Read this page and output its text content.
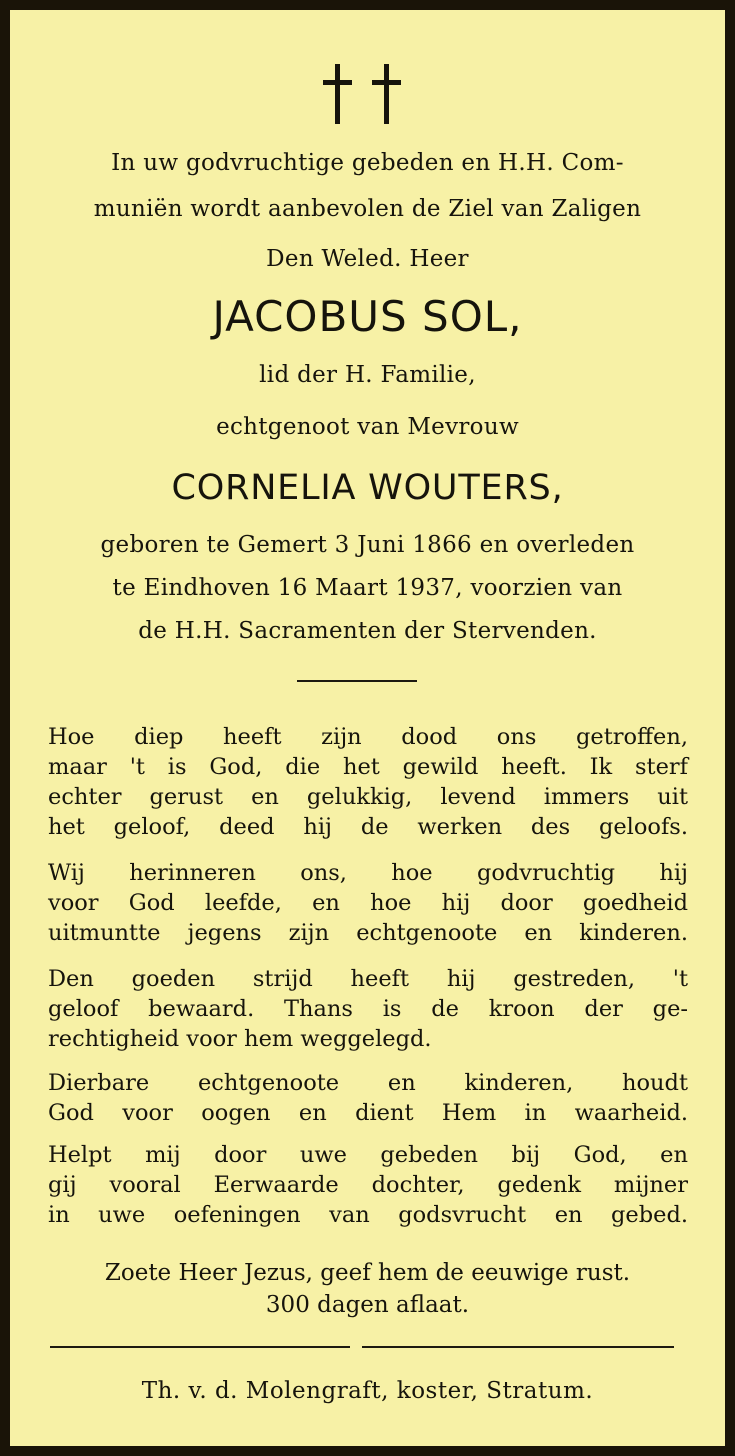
In uw godvruchtige gebeden en H.H. Com-
muniën wordt aanbevolen de Ziel van Zaligen
Den Weled. Heer
JACOBUS SOL,
lid der H. Familie,
echtgenoot van Mevrouw
CORNELIA WOUTERS,
geboren te Gemert 3 Juni 1866 en overleden
te Eindhoven 16 Maart 1937, voorzien van
de H.H. Sacramenten der Stervenden.
Hoe diep heeft zijn dood ons getroffen,
maar 't is God, die het gewild heeft. Ik sterf
echter gerust en gelukkig, levend immers uit
het geloof, deed hij de werken des geloofs.
Wij herinneren ons, hoe godvruchtig hij
voor God leefde, en hoe hij door goedheid
uitmuntte jegens zijn echtgenoote en kinderen.
Den goeden strijd heeft hij gestreden, 't
geloof bewaard. Thans is de kroon der ge-
rechtigheid voor hem weggelegd.
Dierbare echtgenoote en kinderen, houdt
God voor oogen en dient Hem in waarheid.
Helpt mij door uwe gebeden bij God, en
gij vooral Eerwaarde dochter, gedenk mijner
in uwe oefeningen van godsvrucht en gebed.
Zoete Heer Jezus, geef hem de eeuwige rust.
300 dagen aflaat.
Th. v. d. Molengraft, koster, Stratum.
